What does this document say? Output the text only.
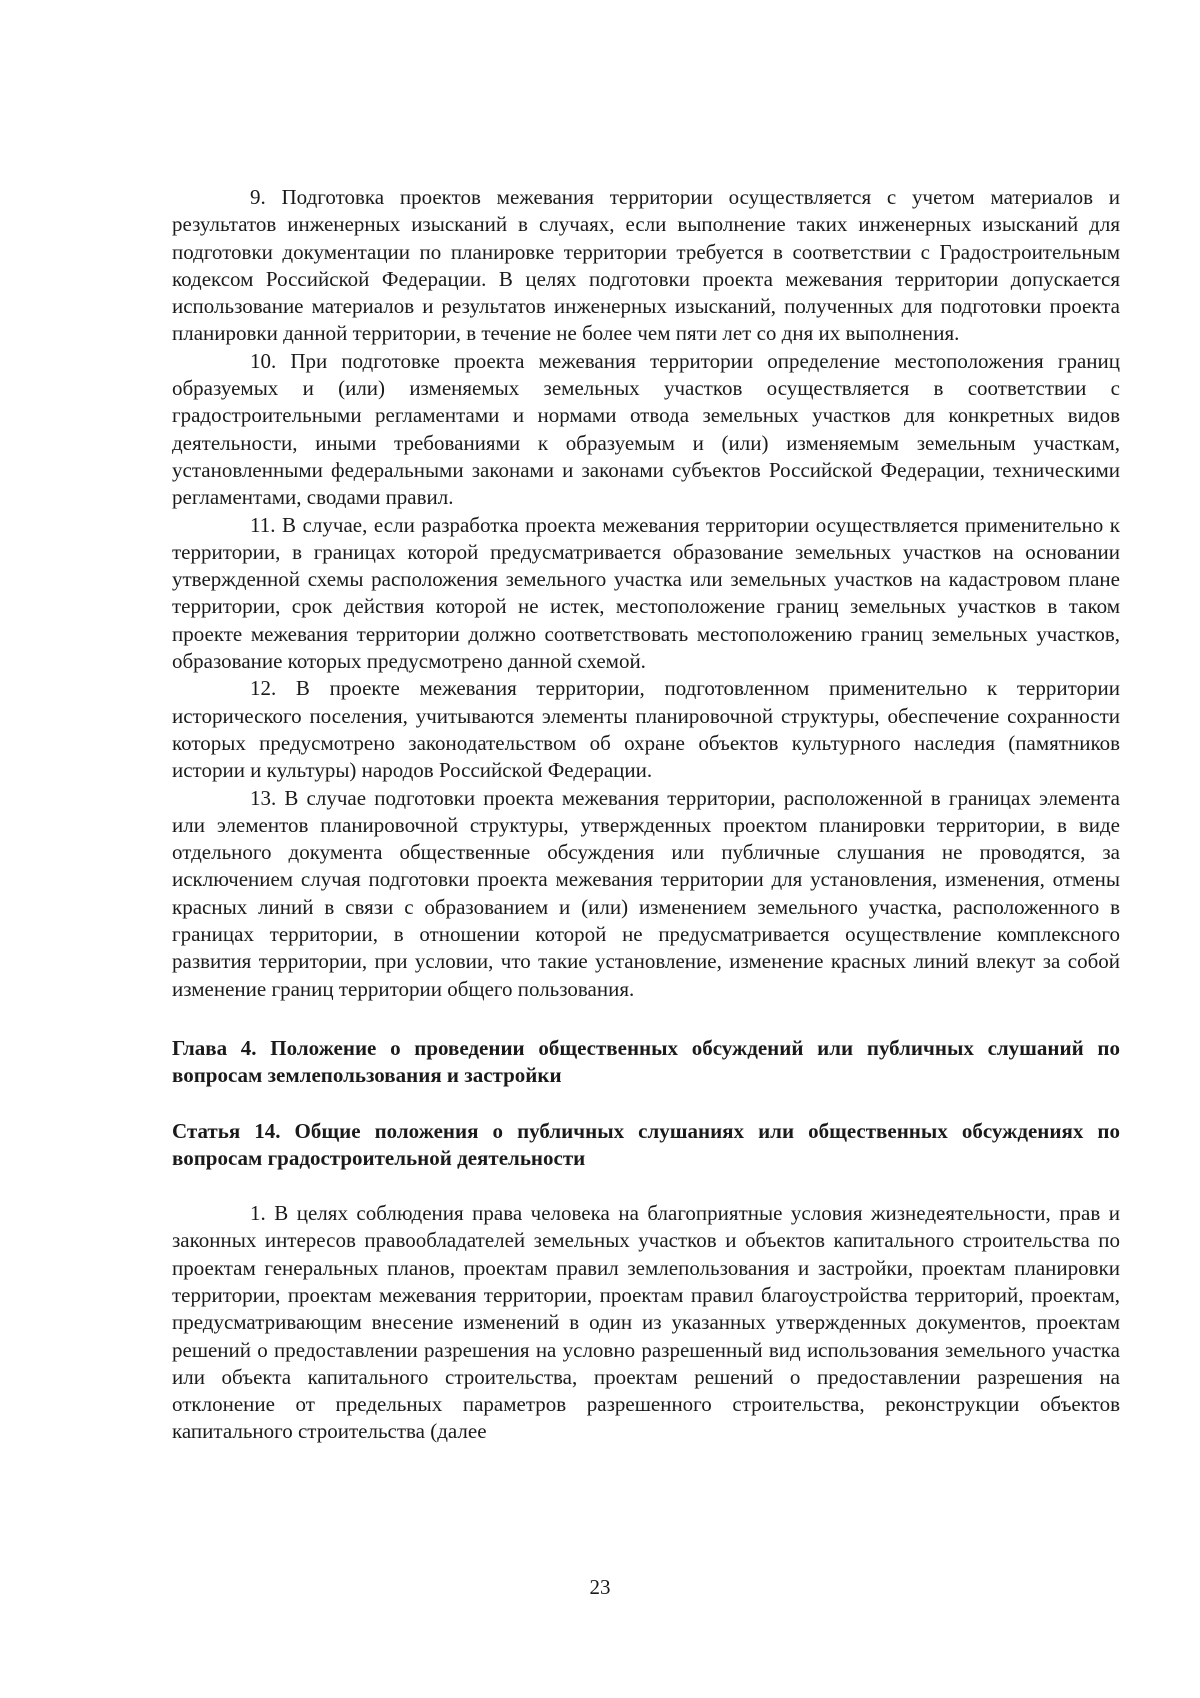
9. Подготовка проектов межевания территории осуществляется с учетом материалов и результатов инженерных изысканий в случаях, если выполнение таких инженерных изысканий для подготовки документации по планировке территории требуется в соответствии с Градостроительным кодексом Российской Федерации. В целях подготовки проекта межевания территории допускается использование материалов и результатов инженерных изысканий, полученных для подготовки проекта планировки данной территории, в течение не более чем пяти лет со дня их выполнения.

10. При подготовке проекта межевания территории определение местоположения границ образуемых и (или) изменяемых земельных участков осуществляется в соответствии с градостроительными регламентами и нормами отвода земельных участков для конкретных видов деятельности, иными требованиями к образуемым и (или) изменяемым земельным участкам, установленными федеральными законами и законами субъектов Российской Федерации, техническими регламентами, сводами правил.

11. В случае, если разработка проекта межевания территории осуществляется применительно к территории, в границах которой предусматривается образование земельных участков на основании утвержденной схемы расположения земельного участка или земельных участков на кадастровом плане территории, срок действия которой не истек, местоположение границ земельных участков в таком проекте межевания территории должно соответствовать местоположению границ земельных участков, образование которых предусмотрено данной схемой.

12. В проекте межевания территории, подготовленном применительно к территории исторического поселения, учитываются элементы планировочной структуры, обеспечение сохранности которых предусмотрено законодательством об охране объектов культурного наследия (памятников истории и культуры) народов Российской Федерации.

13. В случае подготовки проекта межевания территории, расположенной в границах элемента или элементов планировочной структуры, утвержденных проектом планировки территории, в виде отдельного документа общественные обсуждения или публичные слушания не проводятся, за исключением случая подготовки проекта межевания территории для установления, изменения, отмены красных линий в связи с образованием и (или) изменением земельного участка, расположенного в границах территории, в отношении которой не предусматривается осуществление комплексного развития территории, при условии, что такие установление, изменение красных линий влекут за собой изменение границ территории общего пользования.

Глава 4. Положение о проведении общественных обсуждений или публичных слушаний по вопросам землепользования и застройки

Статья 14. Общие положения о публичных слушаниях или общественных обсуждениях по вопросам градостроительной деятельности

1. В целях соблюдения права человека на благоприятные условия жизнедеятельности, прав и законных интересов правообладателей земельных участков и объектов капитального строительства по проектам генеральных планов, проектам правил землепользования и застройки, проектам планировки территории, проектам межевания территории, проектам правил благоустройства территорий, проектам, предусматривающим внесение изменений в один из указанных утвержденных документов, проектам решений о предоставлении разрешения на условно разрешенный вид использования земельного участка или объекта капитального строительства, проектам решений о предоставлении разрешения на отклонение от предельных параметров разрешенного строительства, реконструкции объектов капитального строительства (далее

23
